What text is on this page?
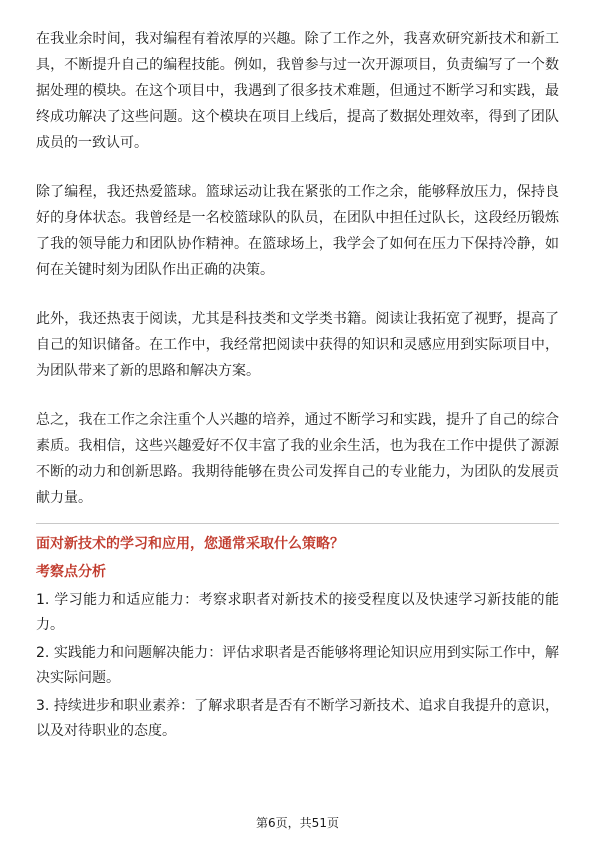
在我业余时间，我对编程有着浓厚的兴趣。除了工作之外，我喜欢研究新技术和新工具，不断提升自己的编程技能。例如，我曾参与过一次开源项目，负责编写了一个数据处理的模块。在这个项目中，我遇到了很多技术难题，但通过不断学习和实践，最终成功解决了这些问题。这个模块在项目上线后，提高了数据处理效率，得到了团队成员的一致认可。

除了编程，我还热爱篮球。篮球运动让我在紧张的工作之余，能够释放压力，保持良好的身体状态。我曾经是一名校篮球队的队员，在团队中担任过队长，这段经历锻炼了我的领导能力和团队协作精神。在篮球场上，我学会了如何在压力下保持冷静，如何在关键时刻为团队作出正确的决策。

此外，我还热衷于阅读，尤其是科技类和文学类书籍。阅读让我拓宽了视野，提高了自己的知识储备。在工作中，我经常把阅读中获得的知识和灵感应用到实际项目中，为团队带来了新的思路和解决方案。

总之，我在工作之余注重个人兴趣的培养，通过不断学习和实践，提升了自己的综合素质。我相信，这些兴趣爱好不仅丰富了我的业余生活，也为我在工作中提供了源源不断的动力和创新思路。我期待能够在贵公司发挥自己的专业能力，为团队的发展贡献力量。

面对新技术的学习和应用，您通常采取什么策略？
考察点分析

1. 学习能力和适应能力：考察求职者对新技术的接受程度以及快速学习新技能的能力。

2. 实践能力和问题解决能力：评估求职者是否能够将理论知识应用到实际工作中，解决实际问题。

3. 持续进步和职业素养：了解求职者是否有不断学习新技术、追求自我提升的意识，以及对待职业的态度。

第6页，共51页
